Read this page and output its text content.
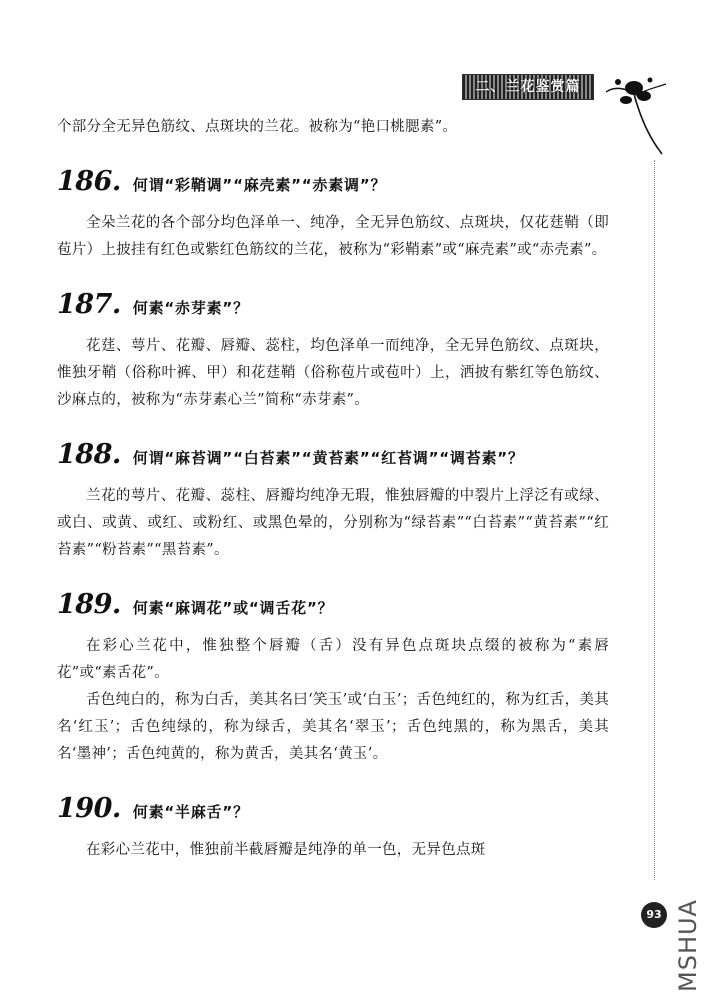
二、兰花鉴赏篇

个部分全无异色筋纹、点斑块的兰花。被称为“艳口桃腮素”。

186. 何谓“彩鞘调”“麻壳素”“赤素调”？

全朵兰花的各个部分均色泽单一、纯净，全无异色筋纹、点斑块，仅花莛鞘（即苞片）上披挂有红色或紫红色筋纹的兰花，被称为“彩鞘素”或“麻壳素”或“赤壳素”。

187. 何素“赤芽素”？

花莛、萼片、花瓣、唇瓣、蕊柱，均色泽单一而纯净，全无异色筋纹、点斑块，惟独牙鞘（俗称叶裤、甲）和花莛鞘（俗称苞片或苞叶）上，洒披有紫红等色筋纹、沙麻点的，被称为“赤芽素心兰”简称“赤芽素”。

188. 何谓“麻苔调”“白苔素”“黄苔素”“红苔调”“调苔素”？

兰花的萼片、花瓣、蕊柱、唇瓣均纯净无瑕，惟独唇瓣的中裂片上浮泛有或绿、或白、或黄、或红、或粉红、或黑色晕的，分别称为“绿苔素”“白苔素”“黄苔素”“红苔素”“粉苔素”“黑苔素”。

189. 何素“麻调花”或“调舌花”？

在彩心兰花中，惟独整个唇瓣（舌）没有异色点斑块点缀的被称为“素唇花”或“素舌花”。

舌色纯白的，称为白舌，美其名曰‘笑玉’或‘白玉’；舌色纯红的，称为红舌，美其名‘红玉’；舌色纯绿的，称为绿舌，美其名‘翠玉’；舌色纯黑的，称为黑舌，美其名‘墨神’；舌色纯黄的，称为黄舌，美其名‘黄玉’。

190. 何素“半麻舌”？

在彩心兰花中，惟独前半截唇瓣是纯净的单一色，无异色点斑

93 MSHUA
